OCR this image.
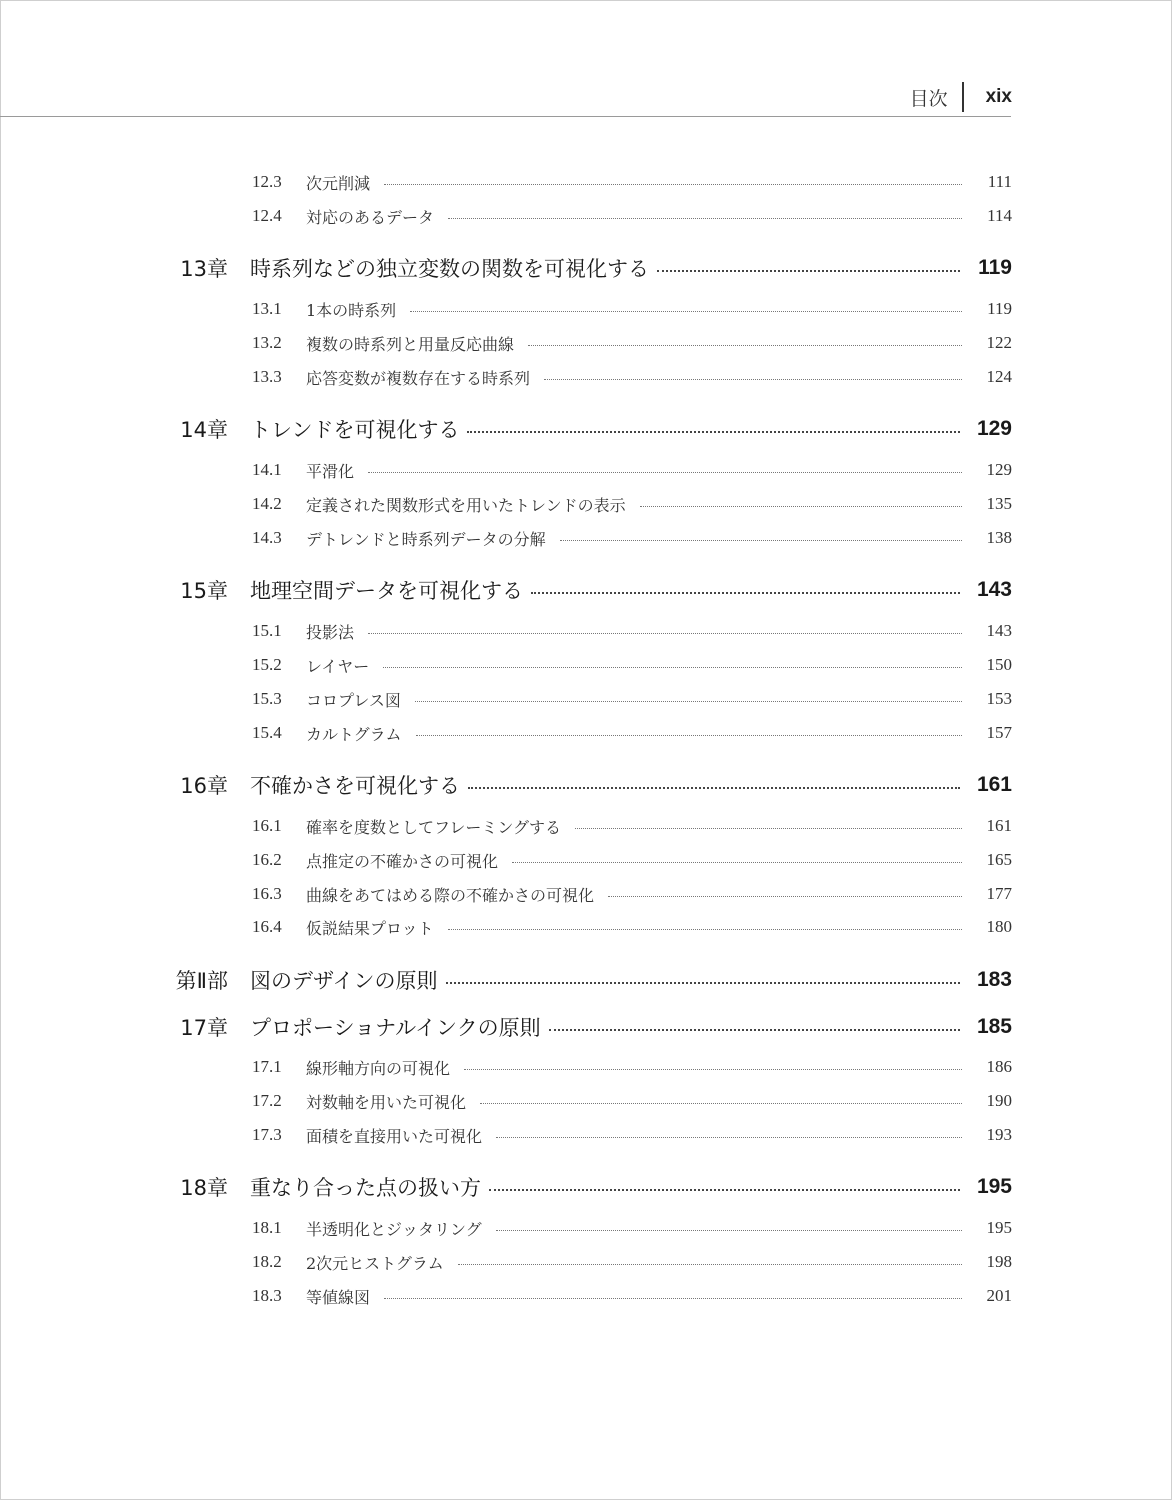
目次 xix
12.3	次元削減	111
12.4	対応のあるデータ	114
13章 時系列などの独立変数の関数を可視化する	119
13.1	1本の時系列	119
13.2	複数の時系列と用量反応曲線	122
13.3	応答変数が複数存在する時系列	124
14章 トレンドを可視化する	129
14.1	平滑化	129
14.2	定義された関数形式を用いたトレンドの表示	135
14.3	デトレンドと時系列データの分解	138
15章 地理空間データを可視化する	143
15.1	投影法	143
15.2	レイヤー	150
15.3	コロプレス図	153
15.4	カルトグラム	157
16章 不確かさを可視化する	161
16.1	確率を度数としてフレーミングする	161
16.2	点推定の不確かさの可視化	165
16.3	曲線をあてはめる際の不確かさの可視化	177
16.4	仮説結果プロット	180
第Ⅱ部 図のデザインの原則	183
17章 プロポーショナルインクの原則	185
17.1	線形軸方向の可視化	186
17.2	対数軸を用いた可視化	190
17.3	面積を直接用いた可視化	193
18章 重なり合った点の扱い方	195
18.1	半透明化とジッタリング	195
18.2	2次元ヒストグラム	198
18.3	等値線図	201
